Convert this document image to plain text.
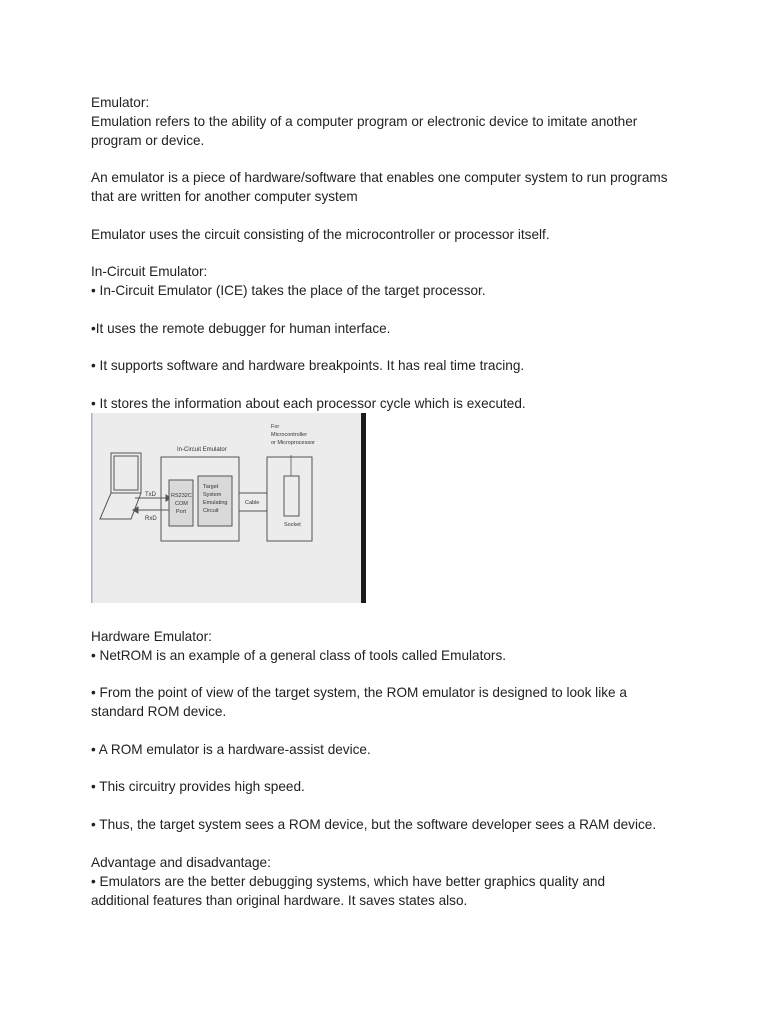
Emulator:

Emulation refers to the ability of a computer program or electronic device to imitate another

program or device.

An emulator is a piece of hardware/software that enables one computer system to run programs

that are written for another computer system

Emulator uses the circuit consisting of the microcontroller or processor itself.

In-Circuit Emulator:

• In-Circuit Emulator (ICE) takes the place of the target processor.

•It uses the remote debugger for human interface.

• It supports software and hardware breakpoints. It has real time tracing.

• It stores the information about each processor cycle which is executed.

TxD
RxD
In-Circuit Emulator
RS232C
COM
Port
Target
System
Emulating
Circuit
Cable
Socket
For
Microcontroller
or Microprocessor

Hardware Emulator:

• NetROM is an example of a general class of tools called Emulators.

• From the point of view of the target system, the ROM emulator is designed to look like a

standard ROM device.

• A ROM emulator is a hardware-assist device.

• This circuitry provides high speed.

• Thus, the target system sees a ROM device, but the software developer sees a RAM device.

Advantage and disadvantage:

• Emulators are the better debugging systems, which have better graphics quality and

additional features than original hardware. It saves states also.
